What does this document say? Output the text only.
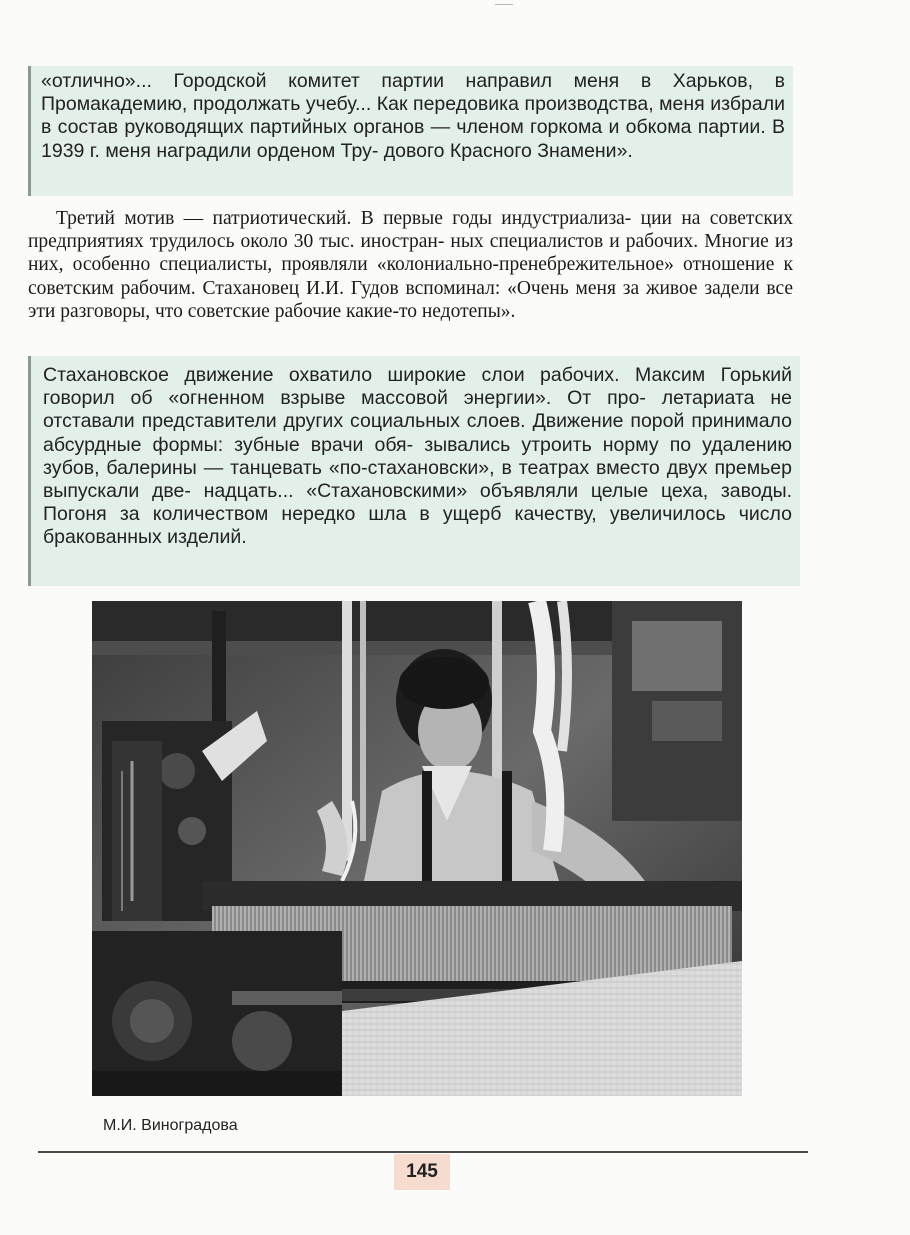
«отлично»... Городской комитет партии направил меня в Харьков, в Промакадемию, продолжать учебу... Как передовика производства, меня избрали в состав руководящих партийных органов — членом горкома и обкома партии. В 1939 г. меня наградили орденом Тру- дового Красного Знамени».

Третий мотив — патриотический. В первые годы индустриализа- ции на советских предприятиях трудилось около 30 тыс. иностран- ных специалистов и рабочих. Многие из них, особенно специалисты, проявляли «колониально-пренебрежительное» отношение к советским рабочим. Стахановец И.И. Гудов вспоминал: «Очень меня за живое задели все эти разговоры, что советские рабочие какие-то недотепы».

Стахановское движение охватило широкие слои рабочих. Максим Горький говорил об «огненном взрыве массовой энергии». От про- летариата не отставали представители других социальных слоев. Движение порой принимало абсурдные формы: зубные врачи обя- зывались утроить норму по удалению зубов, балерины — танцевать «по-стахановски», в театрах вместо двух премьер выпускали две- надцать... «Стахановскими» объявляли целые цеха, заводы. Погоня за количеством нередко шла в ущерб качеству, увеличилось число бракованных изделий.

М.И. Виноградова

145
